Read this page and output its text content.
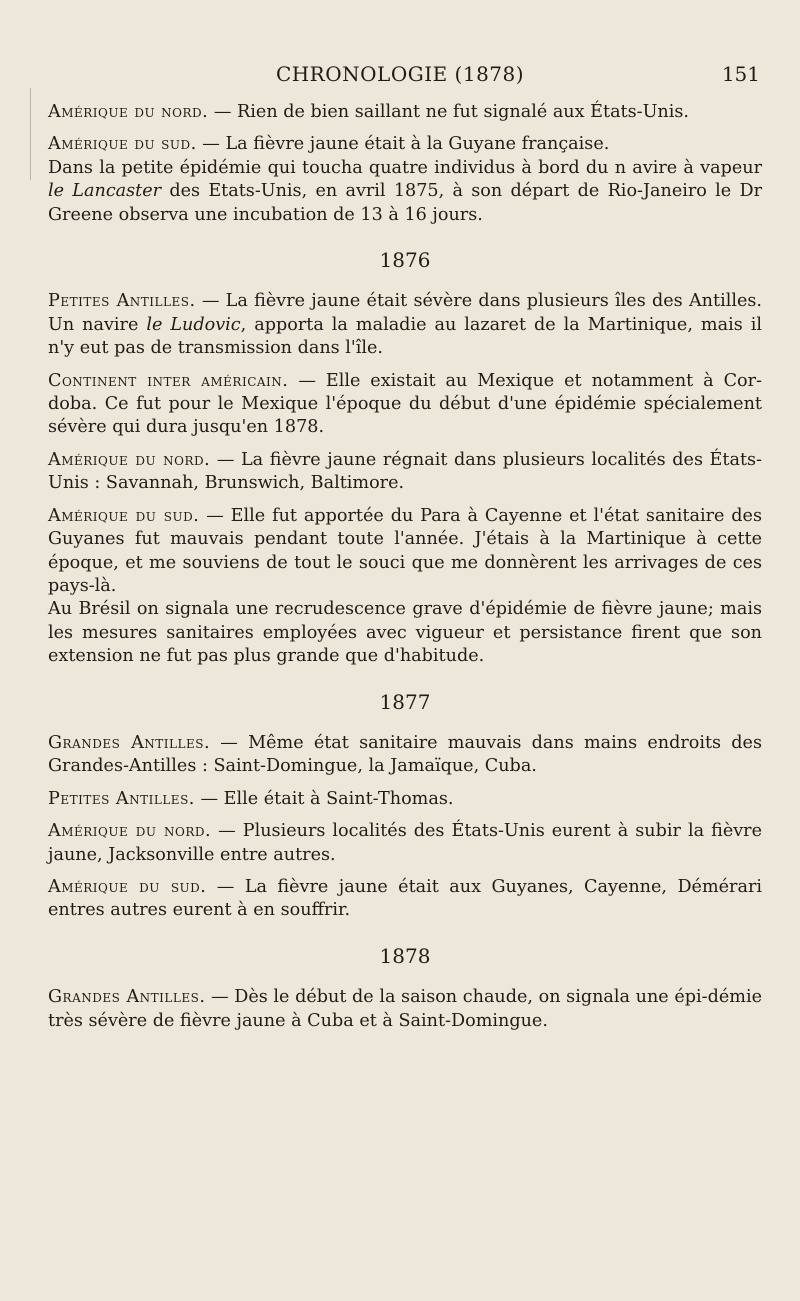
CHRONOLOGIE (1878)	151

Amérique du nord. — Rien de bien saillant ne fut signalé aux États-Unis.

Amérique du sud. — La fièvre jaune était à la Guyane française.

Dans la petite épidémie qui toucha quatre individus à bord du n avire à vapeur le Lancaster des Etats-Unis, en avril 1875, à son départ de Rio-Janeiro le Dr Greene observa une incubation de 13 à 16 jours.

1876

Petites Antilles. — La fièvre jaune était sévère dans plusieurs îles des Antilles. Un navire le Ludovic, apporta la maladie au lazaret de la Martinique, mais il n'y eut pas de transmission dans l'île.

Continent inter américain. — Elle existait au Mexique et notamment à Cor-doba. Ce fut pour le Mexique l'époque du début d'une épidémie spécialement sévère qui dura jusqu'en 1878.

Amérique du nord. — La fièvre jaune régnait dans plusieurs localités des États-Unis : Savannah, Brunswich, Baltimore.

Amérique du sud. — Elle fut apportée du Para à Cayenne et l'état sanitaire des Guyanes fut mauvais pendant toute l'année. J'étais à la Martinique à cette époque, et me souviens de tout le souci que me donnèrent les arrivages de ces pays-là.

Au Brésil on signala une recrudescence grave d'épidémie de fièvre jaune; mais les mesures sanitaires employées avec vigueur et persistance firent que son extension ne fut pas plus grande que d'habitude.

1877

Grandes Antilles. — Même état sanitaire mauvais dans mains endroits des Grandes-Antilles : Saint-Domingue, la Jamaïque, Cuba.

Petites Antilles. — Elle était à Saint-Thomas.

Amérique du nord. — Plusieurs localités des États-Unis eurent à subir la fièvre jaune, Jacksonville entre autres.

Amérique du sud. — La fièvre jaune était aux Guyanes, Cayenne, Démérari entres autres eurent à en souffrir.

1878

Grandes Antilles. — Dès le début de la saison chaude, on signala une épi-démie très sévère de fièvre jaune à Cuba et à Saint-Domingue.
